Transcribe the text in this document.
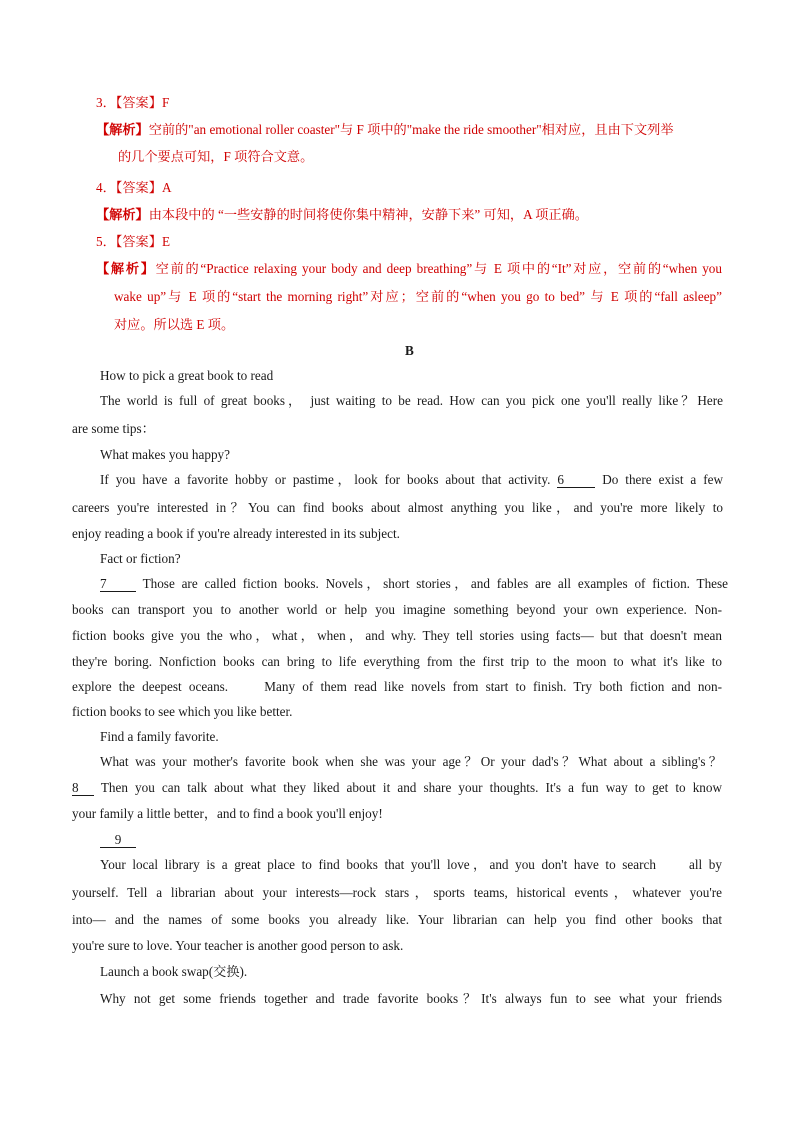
3．【答案】F
【解析】空前的"an emotional roller coaster"与 F 项中的"make the ride smoother"相对应，且由下文列举
的几个要点可知，F 项符合文意。
4．【答案】A
【解析】由本段中的 “一些安静的时间将使你集中精神，安静下来” 可知，A 项正确。
5．【答案】E
【解析】空前的“Practice relaxing your body and deep breathing”与 E 项中的“It”对应，空前的“when you
wake up”与 E 项的“start the morning right”对应；空前的“when you go to bed” 与 E 项的“fall asleep”
对应。所以选 E 项。
B
How to pick a great book to read
The world is full of great books， just waiting to be read. How can you pick one you'll really like？Here
are some tips：
What makes you happy?
If you have a favorite hobby or pastime，look for books about that activity. 6	Do there exist a few
careers you're interested in？You can find books about almost anything you like，and you're more likely to
enjoy reading a book if you're already interested in its subject.
Fact or fiction?
7	Those are called fiction books. Novels，short stories，and fables are all examples of fiction. These
books can transport you to another world or help you imagine something beyond your own experience. Non-
fiction books give you the who，what，when，and why. They tell stories using facts— but that doesn't mean
they're boring. Nonfiction books can bring to life everything from the first trip to the moon to what it's like to
explore the deepest oceans.     Many of them read like novels from start to finish. Try both fiction and non-
fiction books to see which you like better.
Find a family favorite.
What was your mother's favorite book when she was your age？Or your dad's？What about a sibling's？
8 Then you can talk about what they liked about it and share your thoughts. It's a fun way to get to know
your family a little better，and to find a book you'll enjoy!
9
Your local library is a great place to find books that you'll love，and you don't have to search     all by
yourself. Tell a librarian about your interests—rock stars，sports teams, historical events，whatever you're
into— and the names of some books you already like. Your librarian can help you find other books that
you're sure to love. Your teacher is another good person to ask.
Launch a book swap(交换).
Why not get some friends together and trade favorite books？It's always fun to see what your friends
